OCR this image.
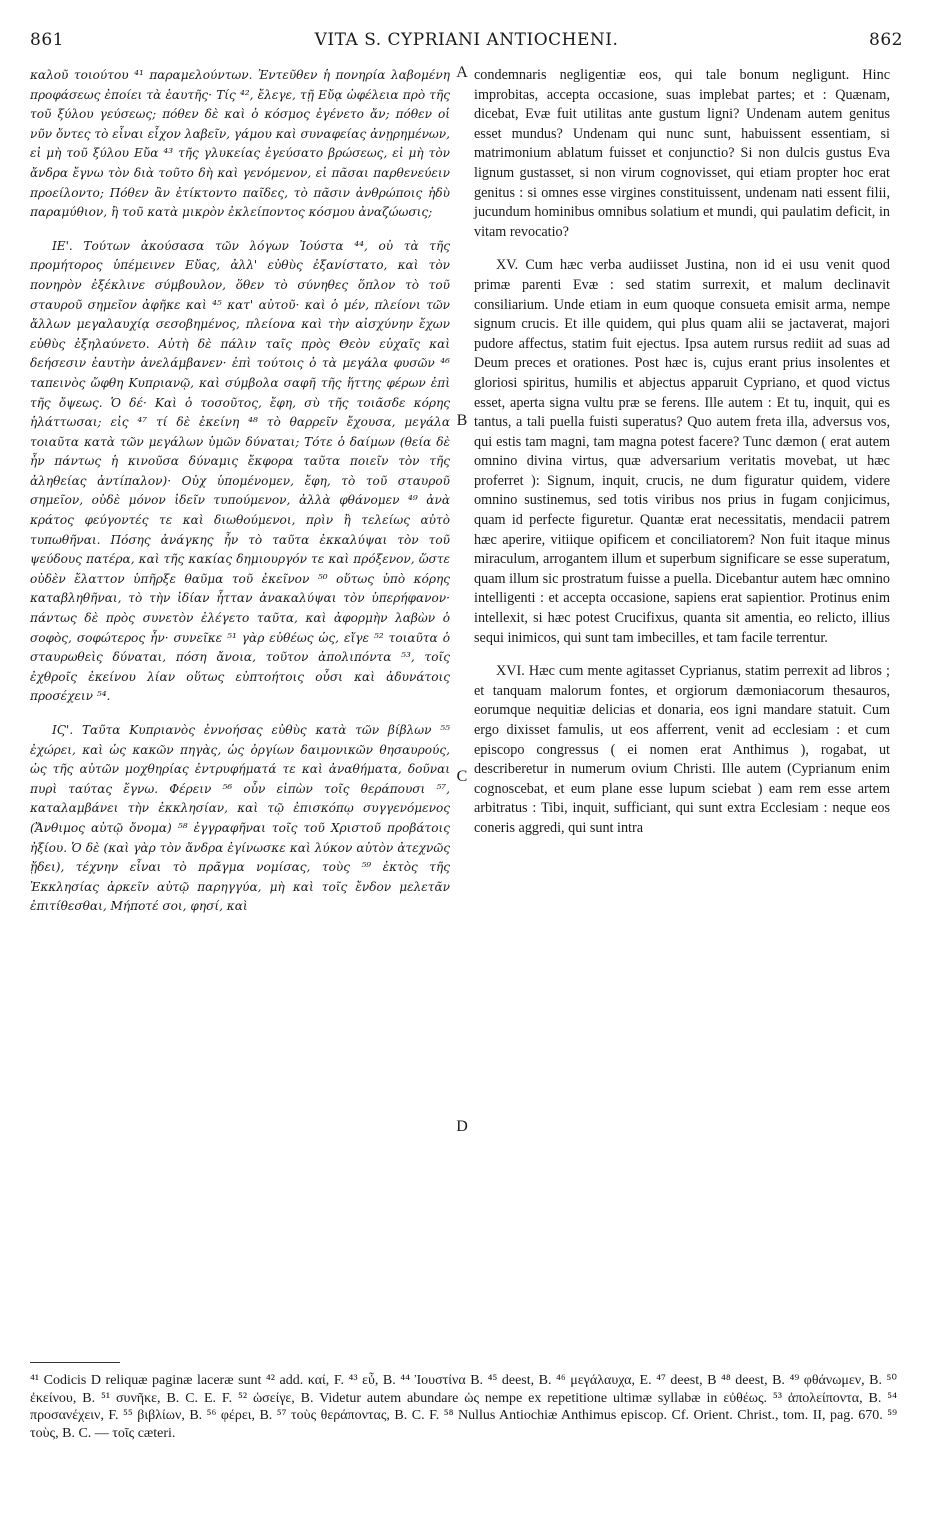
861	VITA S. CYPRIANI ANTIOCHENI.	862

καλοῦ τοιούτου ⁴¹ παραμελούντων. Ἐντεῦθεν ἡ πονηρία λαβομένη προφάσεως ἐποίει τὰ ἑαυτῆς· Τίς ⁴², ἔλεγε, τῇ Εὔᾳ ὠφέλεια πρὸ τῆς τοῦ ξύλου γεύσεως; πόθεν δὲ καὶ ὁ κόσμος ἐγένετο ἄν; πόθεν οἱ νῦν ὄντες τὸ εἶναι εἶχον λαβεῖν, γάμου καὶ συναφείας ἀνῃρημένων, εἰ μὴ τοῦ ξύλου Εὔα ⁴³ τῆς γλυκείας ἐγεύσατο βρώσεως, εἰ μὴ τὸν ἄνδρα ἔγνω τὸν διὰ τοῦτο δὴ καὶ γενόμενον, εἰ πᾶσαι παρθενεύειν προείλοντο; Πόθεν ἂν ἐτίκτοντο παῖδες, τὸ πᾶσιν ἀνθρώποις ἡδὺ παραμύθιον, ἢ τοῦ κατὰ μικρὸν ἐκλείποντος κόσμου ἀναζώωσις;

ΙΕ'. Τούτων ἀκούσασα τῶν λόγων Ἰούστα ⁴⁴, οὐ τὰ τῆς προμήτορος ὑπέμεινεν Εὔας, ἀλλ' εὐθὺς ἐξανίστατο, καὶ τὸν πονηρὸν ἐξέκλινε σύμβουλον, ὅθεν τὸ σύνηθες ὅπλον τὸ τοῦ σταυροῦ σημεῖον ἀφῆκε καὶ ⁴⁵ κατ' αὐτοῦ· καὶ ὁ μέν, πλείονι τῶν ἄλλων μεγαλαυχίᾳ σεσοβημένος, πλείονα καὶ τὴν αἰσχύνην ἔχων εὐθὺς ἐξηλαύνετο. Αὐτὴ δὲ πάλιν ταῖς πρὸς Θεὸν εὐχαῖς καὶ δεήσεσιν ἑαυτὴν ἀνελάμβανεν· ἐπὶ τούτοις ὁ τὰ μεγάλα φυσῶν ⁴⁶ ταπεινὸς ὤφθη Κυπριανῷ, καὶ σύμβολα σαφῆ τῆς ἥττης φέρων ἐπὶ τῆς ὄψεως. Ὁ δέ· Καὶ ὁ τοσοῦτος, ἔφη, σὺ τῆς τοιᾶσδε κόρης ἡλάττωσαι; εἰς ⁴⁷ τί δὲ ἐκείνη ⁴⁸ τὸ θαρρεῖν ἔχουσα, μεγάλα τοιαῦτα κατὰ τῶν μεγάλων ὑμῶν δύναται; Τότε ὁ δαίμων (θεία δὲ ἦν πάντως ἡ κινοῦσα δύναμις ἔκφορα ταῦτα ποιεῖν τὸν τῆς ἀληθείας ἀντίπαλον)· Οὐχ ὑπομένομεν, ἔφη, τὸ τοῦ σταυροῦ σημεῖον, οὐδὲ μόνον ἰδεῖν τυπούμενον, ἀλλὰ φθάνομεν ⁴⁹ ἀνὰ κράτος φεύγοντές τε καὶ διωθούμενοι, πρὶν ἢ τελείως αὐτὸ τυπωθῆναι. Πόσης ἀνάγκης ἦν τὸ ταῦτα ἐκκαλύψαι τὸν τοῦ ψεύδους πατέρα, καὶ τῆς κακίας δημιουργόν τε καὶ πρόξενον, ὥστε οὐδὲν ἔλαττον ὑπῆρξε θαῦμα τοῦ ἐκεῖνον ⁵⁰ οὕτως ὑπὸ κόρης καταβληθῆναι, τὸ τὴν ἰδίαν ἧτταν ἀνακαλύψαι τὸν ὑπερήφανον· πάντως δὲ πρὸς συνετὸν ἐλέγετο ταῦτα, καὶ ἀφορμὴν λαβὼν ὁ σοφὸς, σοφώτερος ἦν· συνεῖκε ⁵¹ γὰρ εὐθέως ὡς, εἴγε ⁵² τοιαῦτα ὁ σταυρωθεὶς δύναται, πόση ἄνοια, τοῦτον ἀπολιπόντα ⁵³, τοῖς ἐχθροῖς ἐκείνου λίαν οὕτως εὐπτοήτοις οὖσι καὶ ἀδυνάτοις προσέχειν ⁵⁴.

ΙϚ'. Ταῦτα Κυπριανὸς ἐννοήσας εὐθὺς κατὰ τῶν βίβλων ⁵⁵ ἐχώρει, καὶ ὡς κακῶν πηγὰς, ὡς ὀργίων δαιμονικῶν θησαυρούς, ὡς τῆς αὐτῶν μοχθηρίας ἐντρυφήματά τε καὶ ἀναθήματα, δοῦναι πυρὶ ταύτας ἔγνω. Φέρειν ⁵⁶ οὖν εἰπὼν τοῖς θεράπουσι ⁵⁷, καταλαμβάνει τὴν ἐκκλησίαν, καὶ τῷ ἐπισκόπῳ συγγενόμενος (Ἄνθιμος αὐτῷ ὄνομα) ⁵⁸ ἐγγραφῆναι τοῖς τοῦ Χριστοῦ προβάτοις ἠξίου. Ὁ δὲ (καὶ γὰρ τὸν ἄνδρα ἐγίνωσκε καὶ λύκον αὐτὸν ἀτεχνῶς ᾔδει), τέχνην εἶναι τὸ πρᾶγμα νομίσας, τοὺς ⁵⁹ ἐκτὸς τῆς Ἐκκλησίας ἀρκεῖν αὐτῷ παρηγγύα, μὴ καὶ τοῖς ἔνδον μελετᾶν ἐπιτίθεσθαι, Μήποτέ σοι, φησί, καὶ

A
B
C
D

condemnaris negligentiæ eos, qui tale bonum negligunt. Hinc improbitas, accepta occasione, suas implebat partes; et : Quænam, dicebat, Evæ fuit utilitas ante gustum ligni? Undenam autem genitus esset mundus? Undenam qui nunc sunt, habuissent essentiam, si matrimonium ablatum fuisset et conjunctio? Si non dulcis gustus Eva lignum gustasset, si non virum cognovisset, qui etiam propter hoc erat genitus : si omnes esse virgines constituissent, undenam nati essent filii, jucundum hominibus omnibus solatium et mundi, qui paulatim deficit, in vitam revocatio?

XV. Cum hæc verba audiisset Justina, non id ei usu venit quod primæ parenti Evæ : sed statim surrexit, et malum declinavit consiliarium. Unde etiam in eum quoque consueta emisit arma, nempe signum crucis. Et ille quidem, qui plus quam alii se jactaverat, majori pudore affectus, statim fuit ejectus. Ipsa autem rursus rediit ad suas ad Deum preces et orationes. Post hæc is, cujus erant prius insolentes et gloriosi spiritus, humilis et abjectus apparuit Cypriano, et quod victus esset, aperta signa vultu præ se ferens. Ille autem : Et tu, inquit, qui es tantus, a tali puella fuisti superatus? Quo autem freta illa, adversus vos, qui estis tam magni, tam magna potest facere? Tunc dæmon ( erat autem omnino divina virtus, quæ adversarium veritatis movebat, ut hæc proferret ): Signum, inquit, crucis, ne dum figuratur quidem, videre omnino sustinemus, sed totis viribus nos prius in fugam conjicimus, quam id perfecte figuretur. Quantæ erat necessitatis, mendacii patrem hæc aperire, vitiique opificem et conciliatorem? Non fuit itaque minus miraculum, arrogantem illum et superbum significare se esse superatum, quam illum sic prostratum fuisse a puella. Dicebantur autem hæc omnino intelligenti : et accepta occasione, sapiens erat sapientior. Protinus enim intellexit, si hæc potest Crucifixus, quanta sit amentia, eo relicto, illius sequi inimicos, qui sunt tam imbecilles, et tam facile terrentur.

XVI. Hæc cum mente agitasset Cyprianus, statim perrexit ad libros ; et tanquam malorum fontes, et orgiorum dæmoniacorum thesauros, eorumque nequitiæ delicias et donaria, eos igni mandare statuit. Cum ergo dixisset famulis, ut eos afferrent, venit ad ecclesiam : et cum episcopo congressus ( ei nomen erat Anthimus ), rogabat, ut describeretur in numerum ovium Christi. Ille autem (Cyprianum enim cognoscebat, et eum plane esse lupum sciebat ) eam rem esse artem arbitratus : Tibi, inquit, sufficiant, qui sunt extra Ecclesiam : neque eos coneris aggredi, qui sunt intra

⁴¹ Codicis D reliquæ paginæ laceræ sunt ⁴² add. καί, F. ⁴³ εὖ, B. ⁴⁴ Ἰουστίνα B. ⁴⁵ deest, B. ⁴⁶ μεγάλαυχα, E. ⁴⁷ deest, B ⁴⁸ deest, B. ⁴⁹ φθάνωμεν, B. ⁵⁰ ἐκείνου, B. ⁵¹ συνῆκε, B. C. E. F. ⁵² ὡσείγε, B. Videtur autem abundare ὡς nempe ex repetitione ultimæ syllabæ in εὐθέως. ⁵³ ἀπολείποντα, B. ⁵⁴ προσανέχειν, F. ⁵⁵ βιβλίων, B. ⁵⁶ φέρει, B. ⁵⁷ τοὺς θεράποντας, B. C. F. ⁵⁸ Nullus Antiochiæ Anthimus episcop. Cf. Orient. Christ., tom. II, pag. 670. ⁵⁹ τοὺς, B. C. — τοῖς cæteri.
